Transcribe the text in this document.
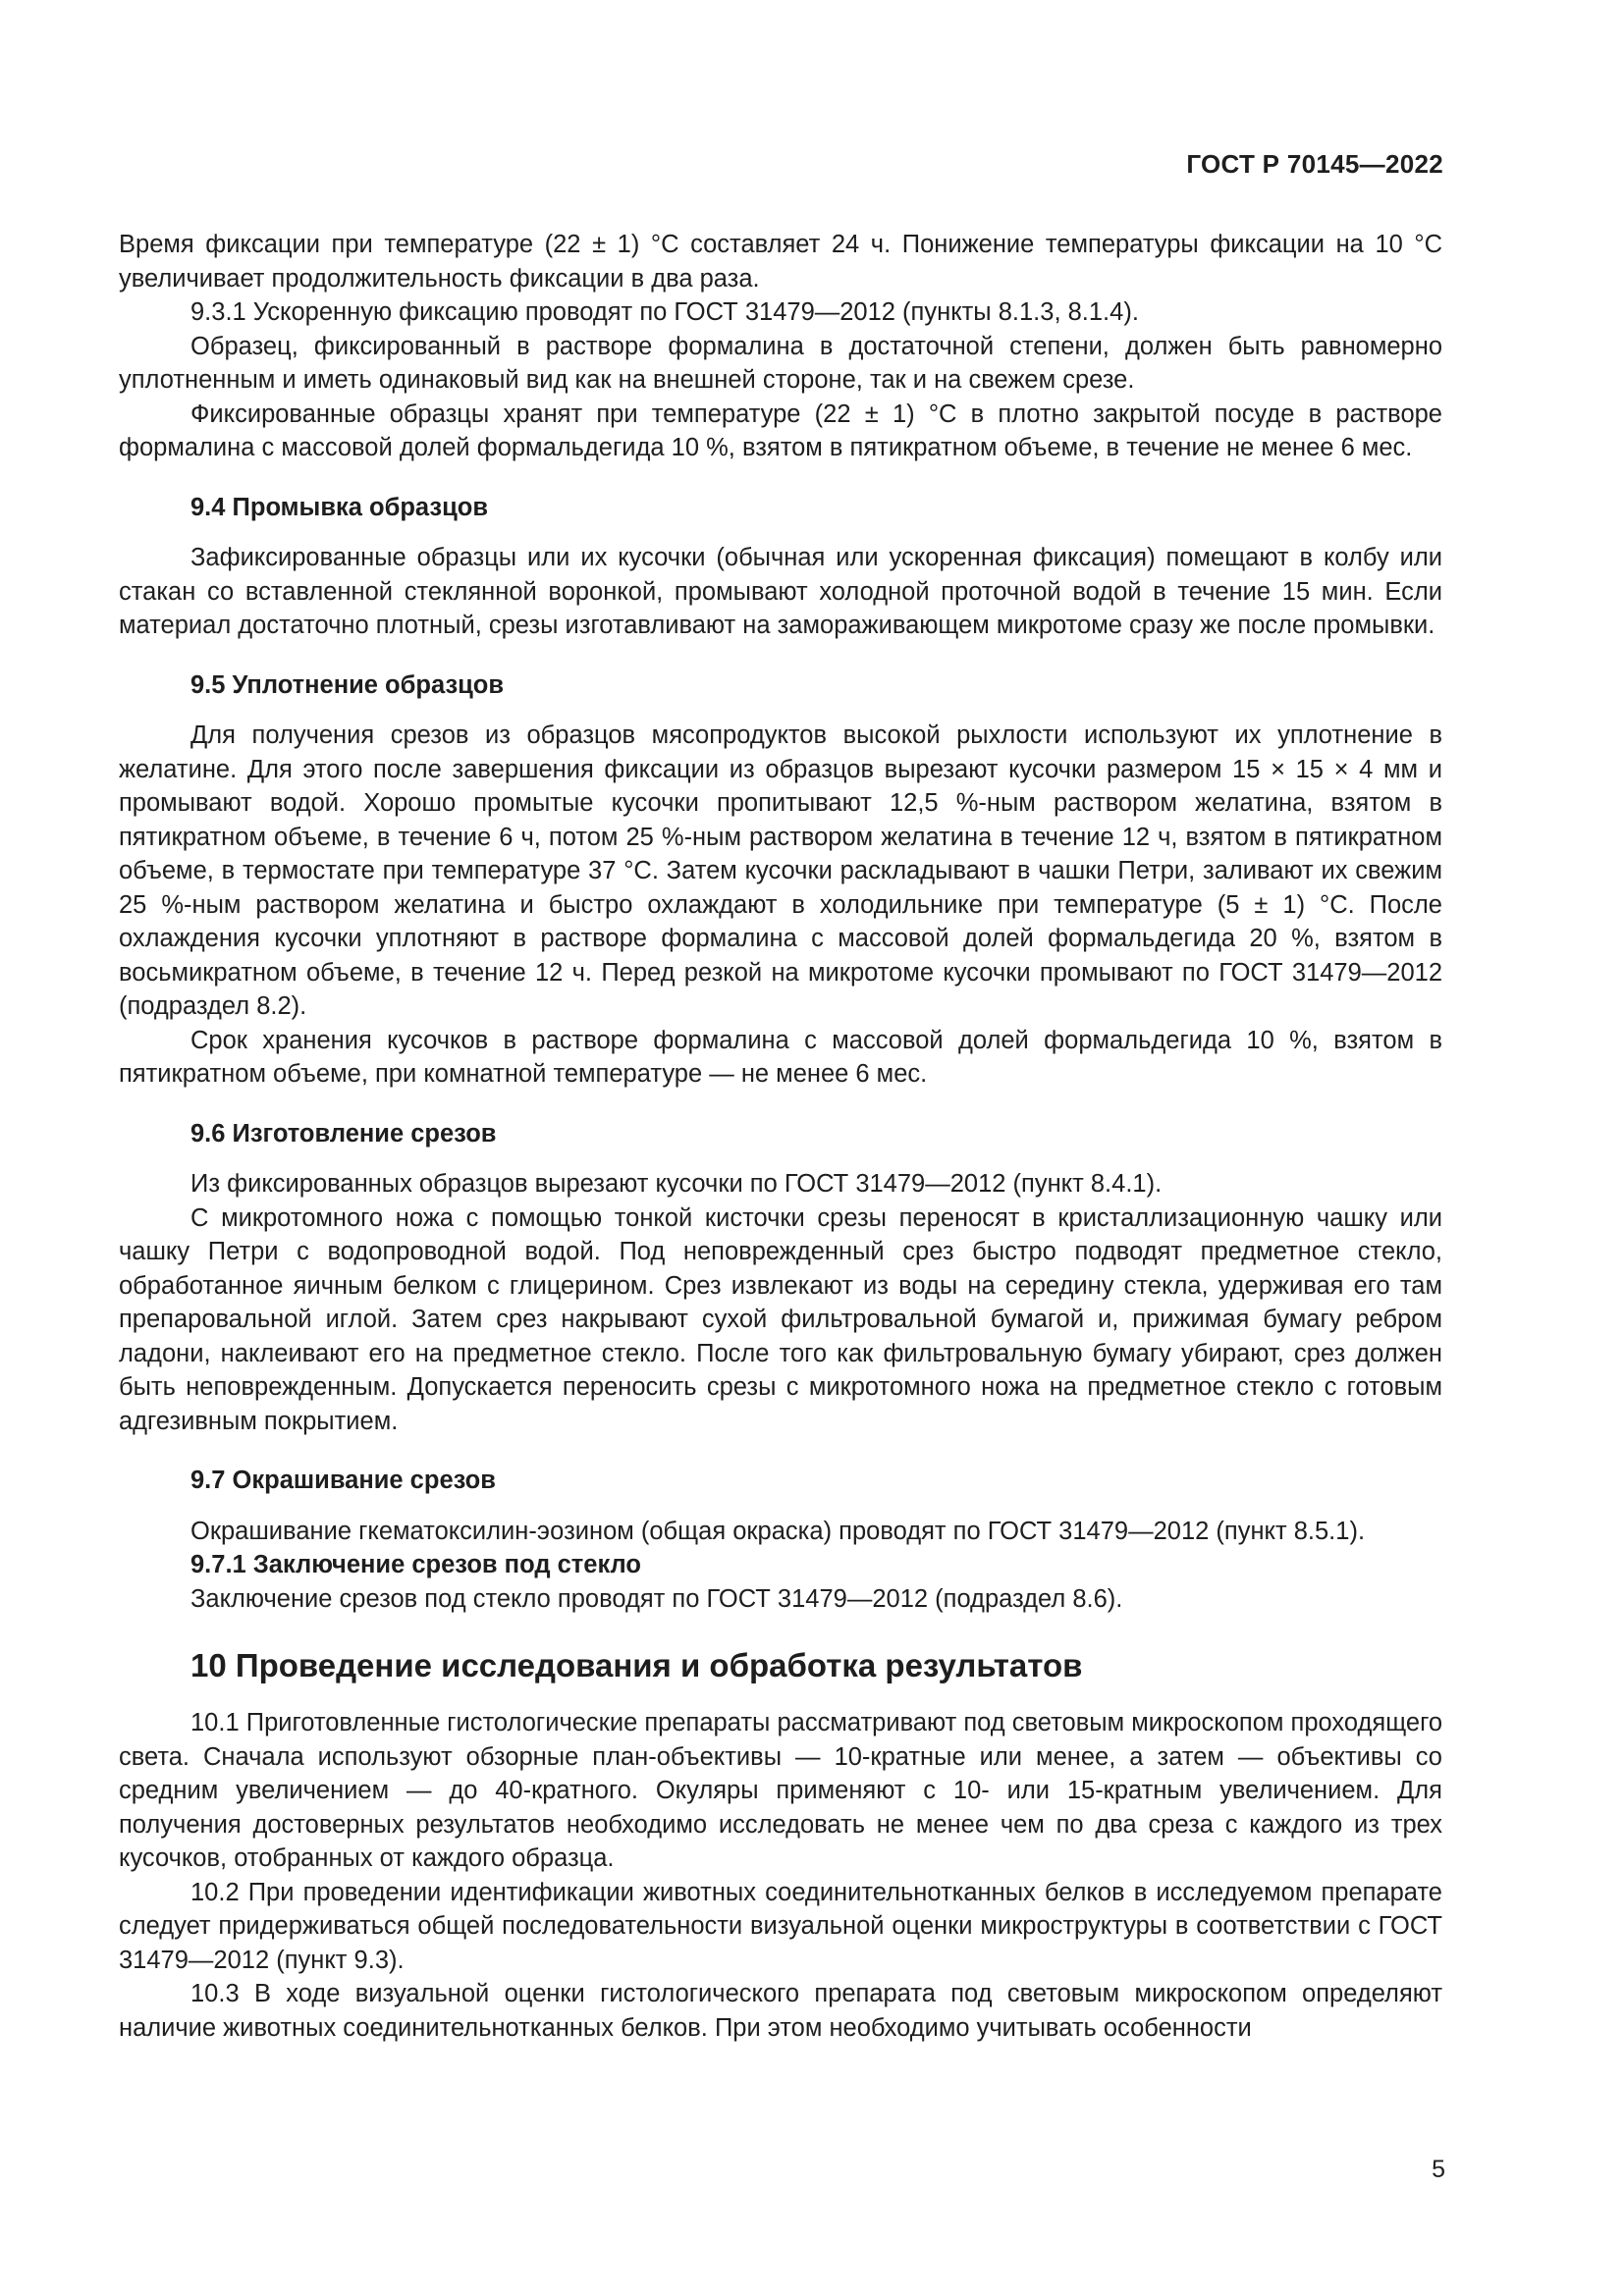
ГОСТ Р 70145—2022

Время фиксации при температуре (22 ± 1) °С составляет 24 ч. Понижение температуры фиксации на 10 °С увеличивает продолжительность фиксации в два раза.

9.3.1 Ускоренную фиксацию проводят по ГОСТ 31479—2012 (пункты 8.1.3, 8.1.4).

Образец, фиксированный в растворе формалина в достаточной степени, должен быть равномерно уплотненным и иметь одинаковый вид как на внешней стороне, так и на свежем срезе.

Фиксированные образцы хранят при температуре (22 ± 1) °С в плотно закрытой посуде в растворе формалина с массовой долей формальдегида 10 %, взятом в пятикратном объеме, в течение не менее 6 мес.

9.4 Промывка образцов

Зафиксированные образцы или их кусочки (обычная или ускоренная фиксация) помещают в колбу или стакан со вставленной стеклянной воронкой, промывают холодной проточной водой в течение 15 мин. Если материал достаточно плотный, срезы изготавливают на замораживающем микротоме сразу же после промывки.

9.5 Уплотнение образцов

Для получения срезов из образцов мясопродуктов высокой рыхлости используют их уплотнение в желатине. Для этого после завершения фиксации из образцов вырезают кусочки размером 15 × 15 × 4 мм и промывают водой. Хорошо промытые кусочки пропитывают 12,5 %-ным раствором желатина, взятом в пятикратном объеме, в течение 6 ч, потом 25 %-ным раствором желатина в течение 12 ч, взятом в пятикратном объеме, в термостате при температуре 37 °С. Затем кусочки раскладывают в чашки Петри, заливают их свежим 25 %-ным раствором желатина и быстро охлаждают в холодильнике при температуре (5 ± 1) °С. После охлаждения кусочки уплотняют в растворе формалина с массовой долей формальдегида 20 %, взятом в восьмикратном объеме, в течение 12 ч. Перед резкой на микротоме кусочки промывают по ГОСТ 31479—2012 (подраздел 8.2).

Срок хранения кусочков в растворе формалина с массовой долей формальдегида 10 %, взятом в пятикратном объеме, при комнатной температуре — не менее 6 мес.

9.6 Изготовление срезов

Из фиксированных образцов вырезают кусочки по ГОСТ 31479—2012 (пункт 8.4.1).

С микротомного ножа с помощью тонкой кисточки срезы переносят в кристаллизационную чашку или чашку Петри с водопроводной водой. Под неповрежденный срез быстро подводят предметное стекло, обработанное яичным белком с глицерином. Срез извлекают из воды на середину стекла, удерживая его там препаровальной иглой. Затем срез накрывают сухой фильтровальной бумагой и, прижимая бумагу ребром ладони, наклеивают его на предметное стекло. После того как фильтровальную бумагу убирают, срез должен быть неповрежденным. Допускается переносить срезы с микротомного ножа на предметное стекло с готовым адгезивным покрытием.

9.7 Окрашивание срезов

Окрашивание гкематоксилин-эозином (общая окраска) проводят по ГОСТ 31479—2012 (пункт 8.5.1).

9.7.1 Заключение срезов под стекло

Заключение срезов под стекло проводят по ГОСТ 31479—2012 (подраздел 8.6).

10 Проведение исследования и обработка результатов

10.1 Приготовленные гистологические препараты рассматривают под световым микроскопом проходящего света. Сначала используют обзорные план-объективы — 10-кратные или менее, а затем — объективы со средним увеличением — до 40-кратного. Окуляры применяют с 10- или 15-кратным увеличением. Для получения достоверных результатов необходимо исследовать не менее чем по два среза с каждого из трех кусочков, отобранных от каждого образца.

10.2 При проведении идентификации животных соединительнотканных белков в исследуемом препарате следует придерживаться общей последовательности визуальной оценки микроструктуры в соответствии с ГОСТ 31479—2012 (пункт 9.3).

10.3 В ходе визуальной оценки гистологического препарата под световым микроскопом определяют наличие животных соединительнотканных белков. При этом необходимо учитывать особенности

5
